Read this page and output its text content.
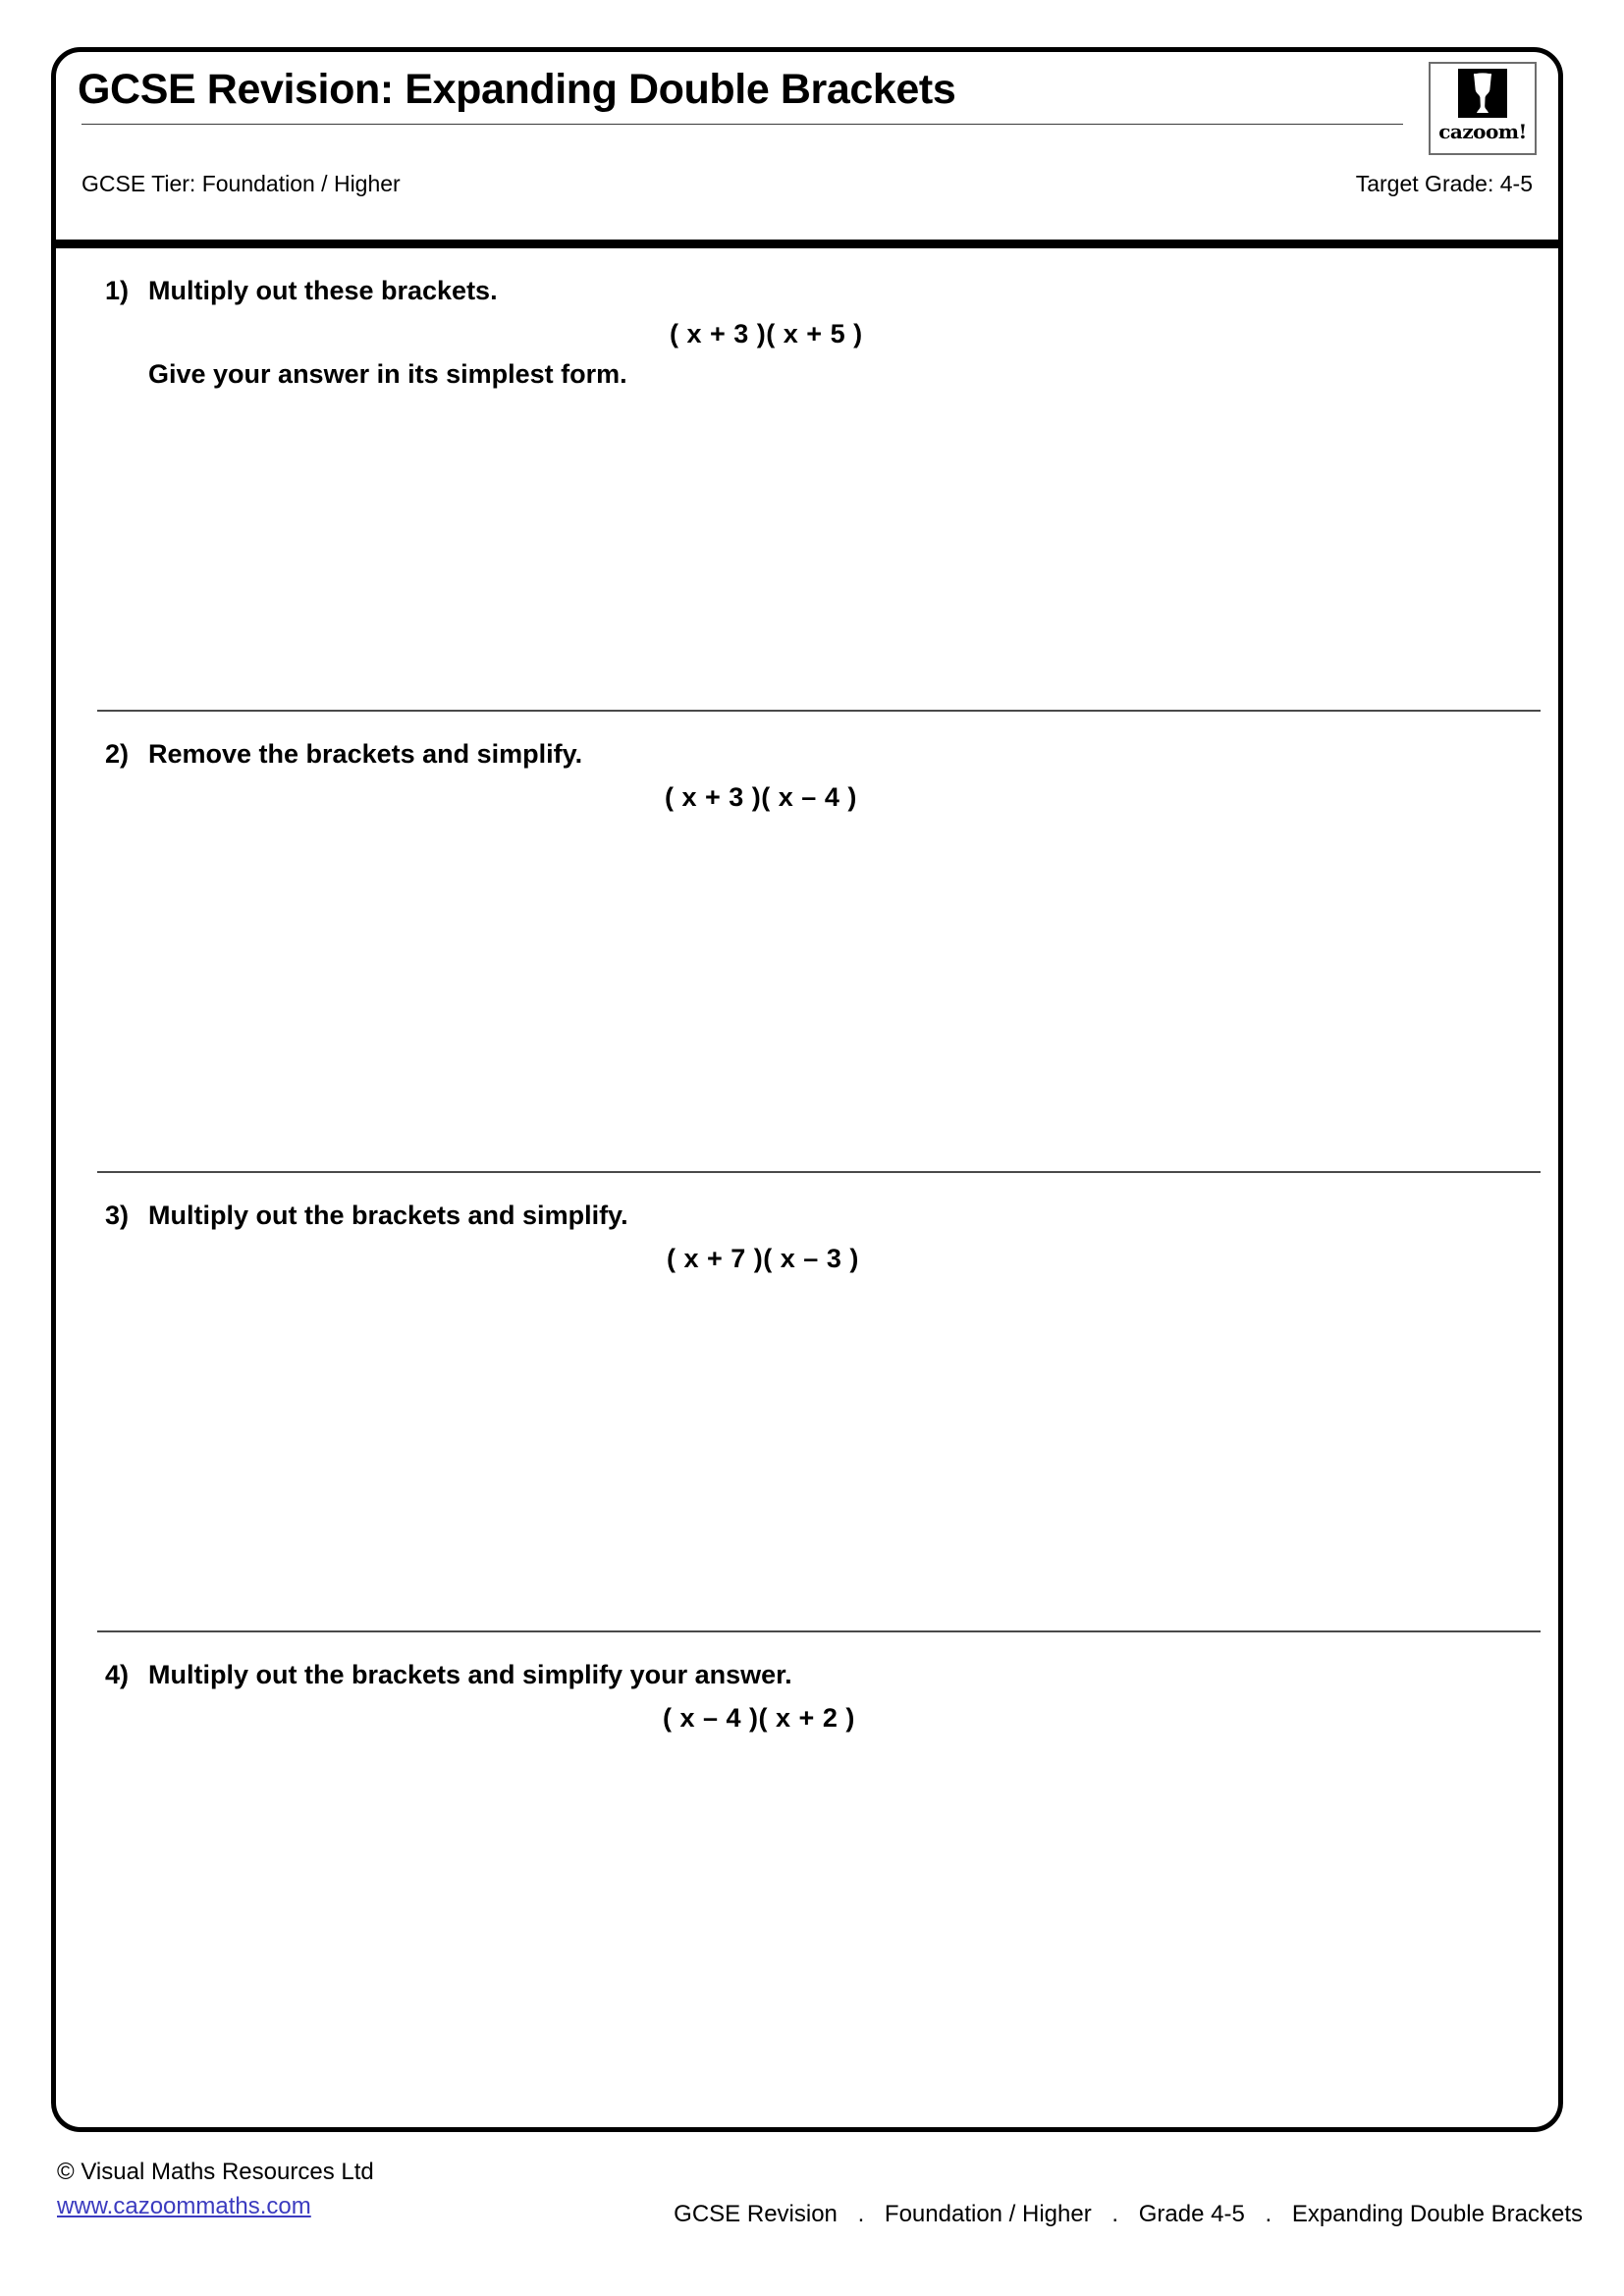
GCSE Revision: Expanding Double Brackets
cazoom!
GCSE Tier: Foundation / Higher	Target Grade: 4-5
1) Multiply out these brackets.
( x + 3 )( x + 5 )
Give your answer in its simplest form.
2) Remove the brackets and simplify.
( x + 3 )( x – 4 )
3) Multiply out the brackets and simplify.
( x + 7 )( x – 3 )
4) Multiply out the brackets and simplify your answer.
( x – 4 )( x + 2 )
© Visual Maths Resources Ltd
www.cazoommaths.com	GCSE Revision . Foundation / Higher . Grade 4-5 . Expanding Double Brackets
